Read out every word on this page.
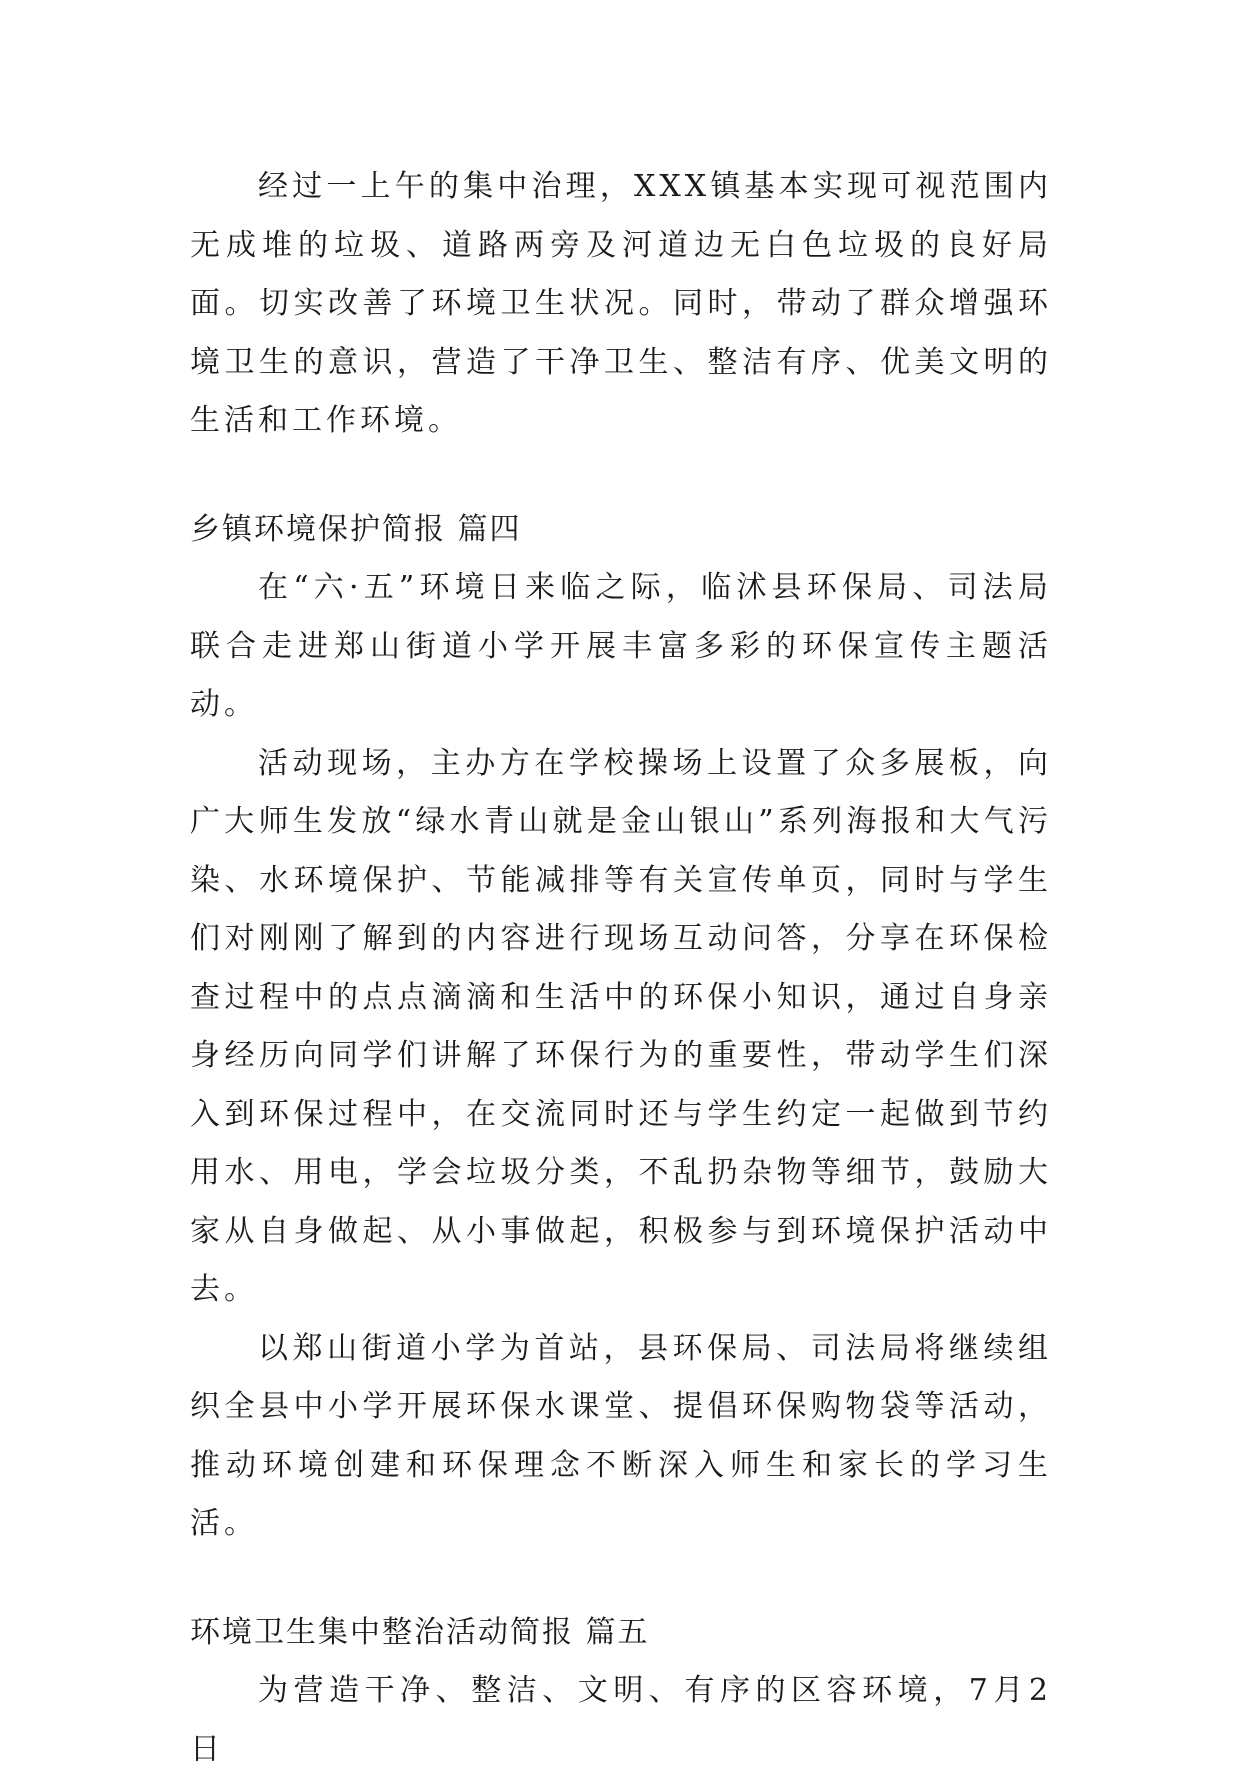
经过一上午的集中治理，XXX镇基本实现可视范围内无成堆的垃圾、道路两旁及河道边无白色垃圾的良好局面。切实改善了环境卫生状况。同时，带动了群众增强环境卫生的意识，营造了干净卫生、整洁有序、优美文明的生活和工作环境。

乡镇环境保护简报 篇四

在“六·五”环境日来临之际，临沭县环保局、司法局联合走进郑山街道小学开展丰富多彩的环保宣传主题活动。

活动现场，主办方在学校操场上设置了众多展板，向广大师生发放“绿水青山就是金山银山”系列海报和大气污染、水环境保护、节能减排等有关宣传单页，同时与学生们对刚刚了解到的内容进行现场互动问答，分享在环保检查过程中的点点滴滴和生活中的环保小知识，通过自身亲身经历向同学们讲解了环保行为的重要性，带动学生们深入到环保过程中，在交流同时还与学生约定一起做到节约用水、用电，学会垃圾分类，不乱扔杂物等细节，鼓励大家从自身做起、从小事做起，积极参与到环境保护活动中去。

以郑山街道小学为首站，县环保局、司法局将继续组织全县中小学开展环保水课堂、提倡环保购物袋等活动，推动环境创建和环保理念不断深入师生和家长的学习生活。

环境卫生集中整治活动简报 篇五

为营造干净、整洁、文明、有序的区容环境，7月2日
